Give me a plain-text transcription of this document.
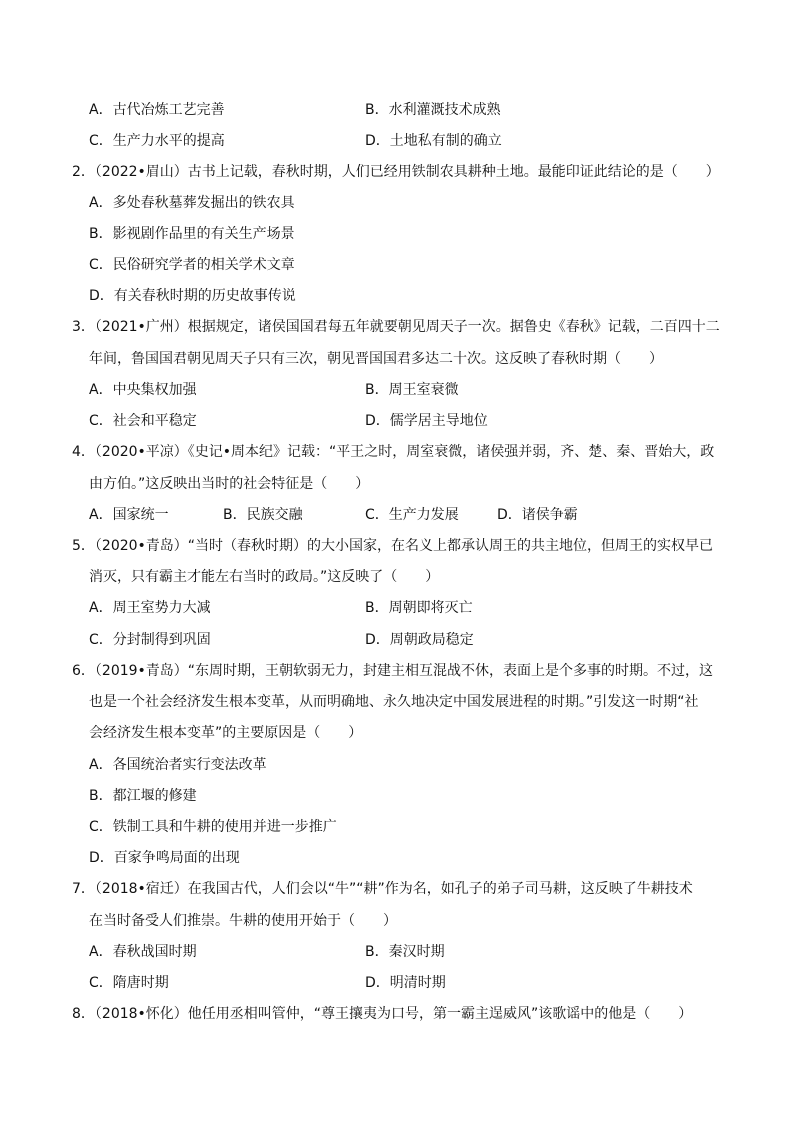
A．古代冶炼工艺完善	B．水利灌溉技术成熟
C．生产力水平的提高	D．土地私有制的确立
2．（2022•眉山）古书上记载，春秋时期，人们已经用铁制农具耕种土地。最能印证此结论的是（　　）
A．多处春秋墓葬发掘出的铁农具
B．影视剧作品里的有关生产场景
C．民俗研究学者的相关学术文章
D．有关春秋时期的历史故事传说
3．（2021•广州）根据规定，诸侯国国君每五年就要朝见周天子一次。据鲁史《春秋》记载，二百四十二
年间，鲁国国君朝见周天子只有三次，朝见晋国国君多达二十次。这反映了春秋时期（　　）
A．中央集权加强	B．周王室衰微
C．社会和平稳定	D．儒学居主导地位
4．（2020•平凉）《史记•周本纪》记载：“平王之时，周室衰微，诸侯强并弱，齐、楚、秦、晋始大，政
由方伯。”这反映出当时的社会特征是（　　）
A．国家统一	B．民族交融	C．生产力发展	D．诸侯争霸
5．（2020•青岛）“当时（春秋时期）的大小国家，在名义上都承认周王的共主地位，但周王的实权早已
消灭，只有霸主才能左右当时的政局。”这反映了（　　）
A．周王室势力大减	B．周朝即将灭亡
C．分封制得到巩固	D．周朝政局稳定
6．（2019•青岛）“东周时期，王朝软弱无力，封建主相互混战不休，表面上是个多事的时期。不过，这
也是一个社会经济发生根本变革，从而明确地、永久地决定中国发展进程的时期。”引发这一时期“社
会经济发生根本变革”的主要原因是（　　）
A．各国统治者实行变法改革
B．都江堰的修建
C．铁制工具和牛耕的使用并进一步推广
D．百家争鸣局面的出现
7．（2018•宿迁）在我国古代，人们会以“牛”“耕”作为名，如孔子的弟子司马耕，这反映了牛耕技术
在当时备受人们推崇。牛耕的使用开始于（　　）
A．春秋战国时期	B．秦汉时期
C．隋唐时期	D．明清时期
8．（2018•怀化）他任用丞相叫管仲，“尊王攘夷为口号，第一霸主逞威风”该歌谣中的他是（　　）
